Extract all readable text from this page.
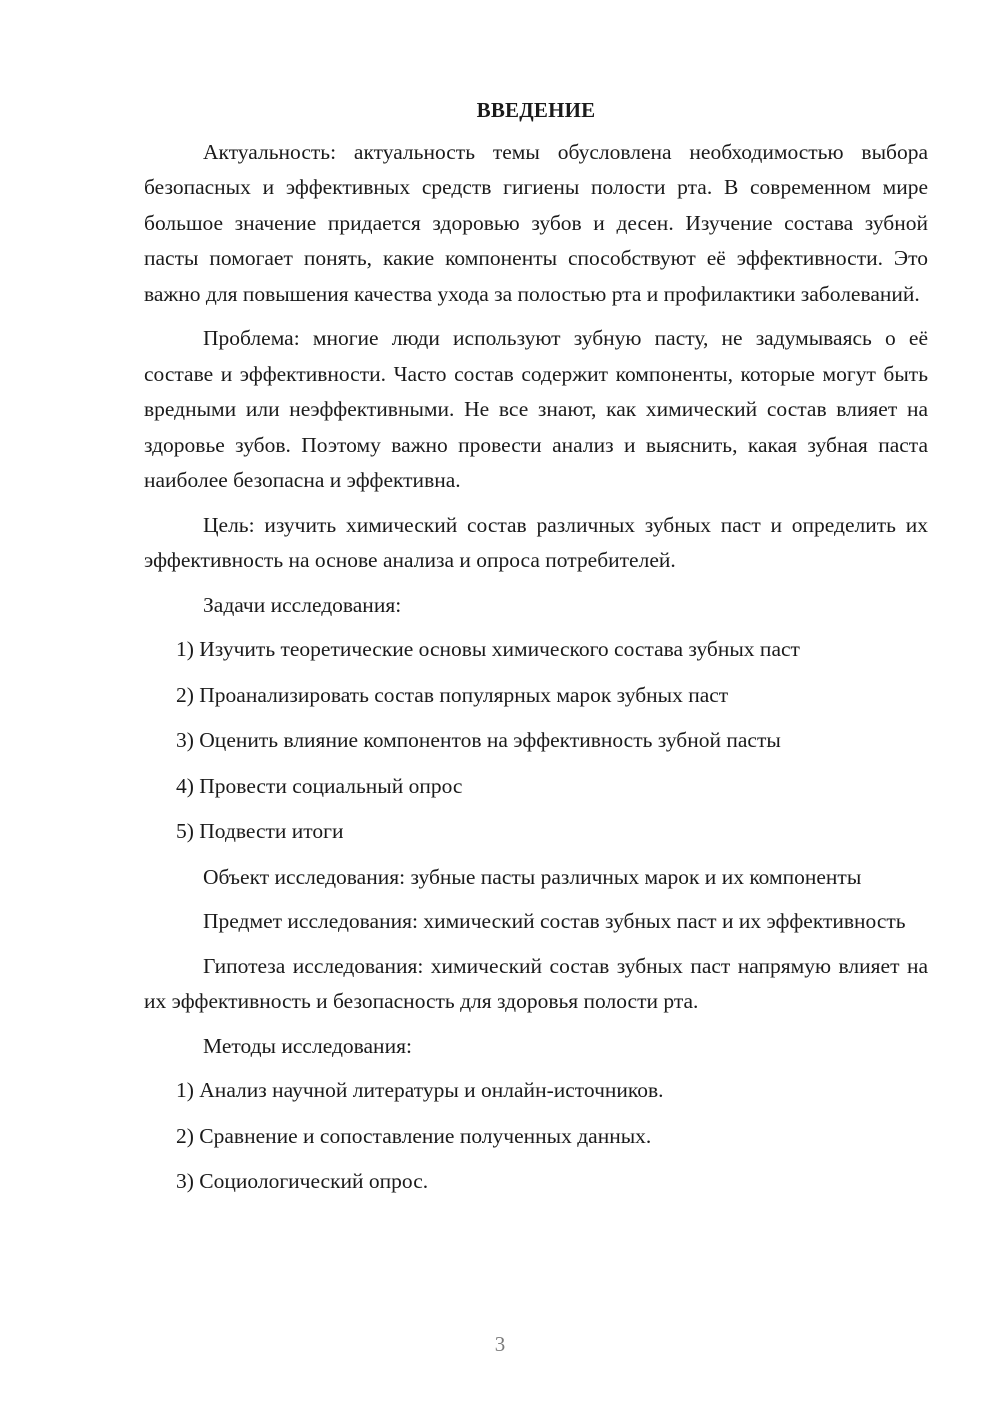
ВВЕДЕНИЕ

Актуальность: актуальность темы обусловлена необходимостью выбора безопасных и эффективных средств гигиены полости рта. В современном мире большое значение придается здоровью зубов и десен. Изучение состава зубной пасты помогает понять, какие компоненты способствуют её эффективности. Это важно для повышения качества ухода за полостью рта и профилактики заболеваний.

Проблема: многие люди используют зубную пасту, не задумываясь о её составе и эффективности. Часто состав содержит компоненты, которые могут быть вредными или неэффективными. Не все знают, как химический состав влияет на здоровье зубов. Поэтому важно провести анализ и выяснить, какая зубная паста наиболее безопасна и эффективна.

Цель: изучить химический состав различных зубных паст и определить их эффективность на основе анализа и опроса потребителей.

Задачи исследования:

1) Изучить теоретические основы химического состава зубных паст
2) Проанализировать состав популярных марок зубных паст
3) Оценить влияние компонентов на эффективность зубной пасты
4) Провести социальный опрос
5) Подвести итоги

Объект исследования: зубные пасты различных марок и их компоненты

Предмет исследования: химический состав зубных паст и их эффективность

Гипотеза исследования: химический состав зубных паст напрямую влияет на их эффективность и безопасность для здоровья полости рта.

Методы исследования:

1) Анализ научной литературы и онлайн-источников.
2) Сравнение и сопоставление полученных данных.
3) Социологический опрос.
3
